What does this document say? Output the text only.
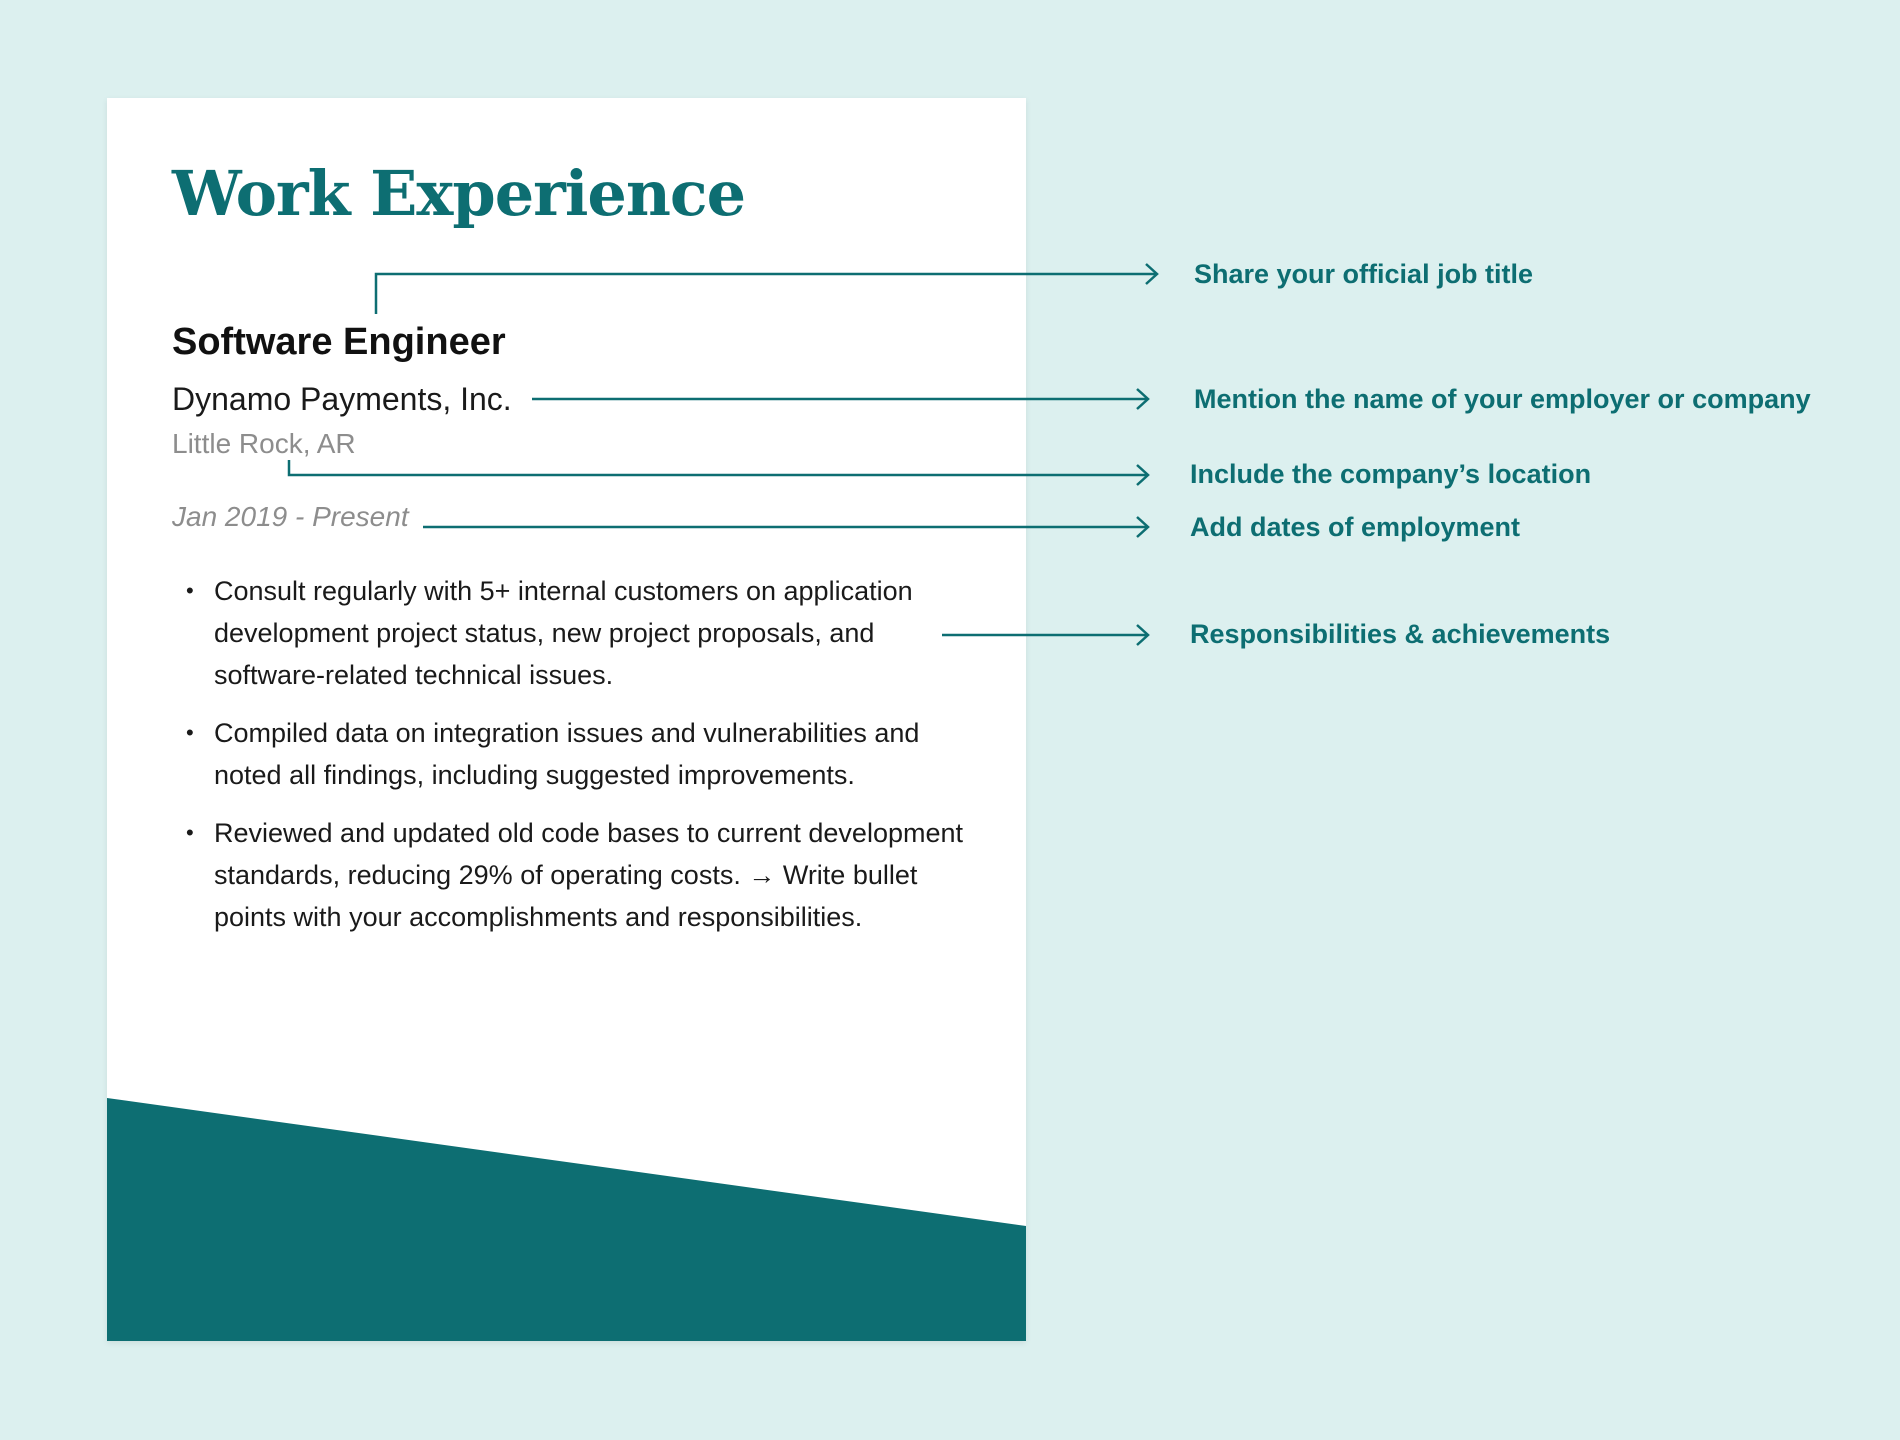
Work Experience
Software Engineer
Dynamo Payments, Inc.
Little Rock, AR
Jan 2019 - Present
• Consult regularly with 5+ internal customers on application development project status, new project proposals, and software-related technical issues.
• Compiled data on integration issues and vulnerabilities and noted all findings, including suggested improvements.
• Reviewed and updated old code bases to current development standards, reducing 29% of operating costs. → Write bullet points with your accomplishments and responsibilities.
Share your official job title
Mention the name of your employer or company
Include the company’s location
Add dates of employment
Responsibilities & achievements
